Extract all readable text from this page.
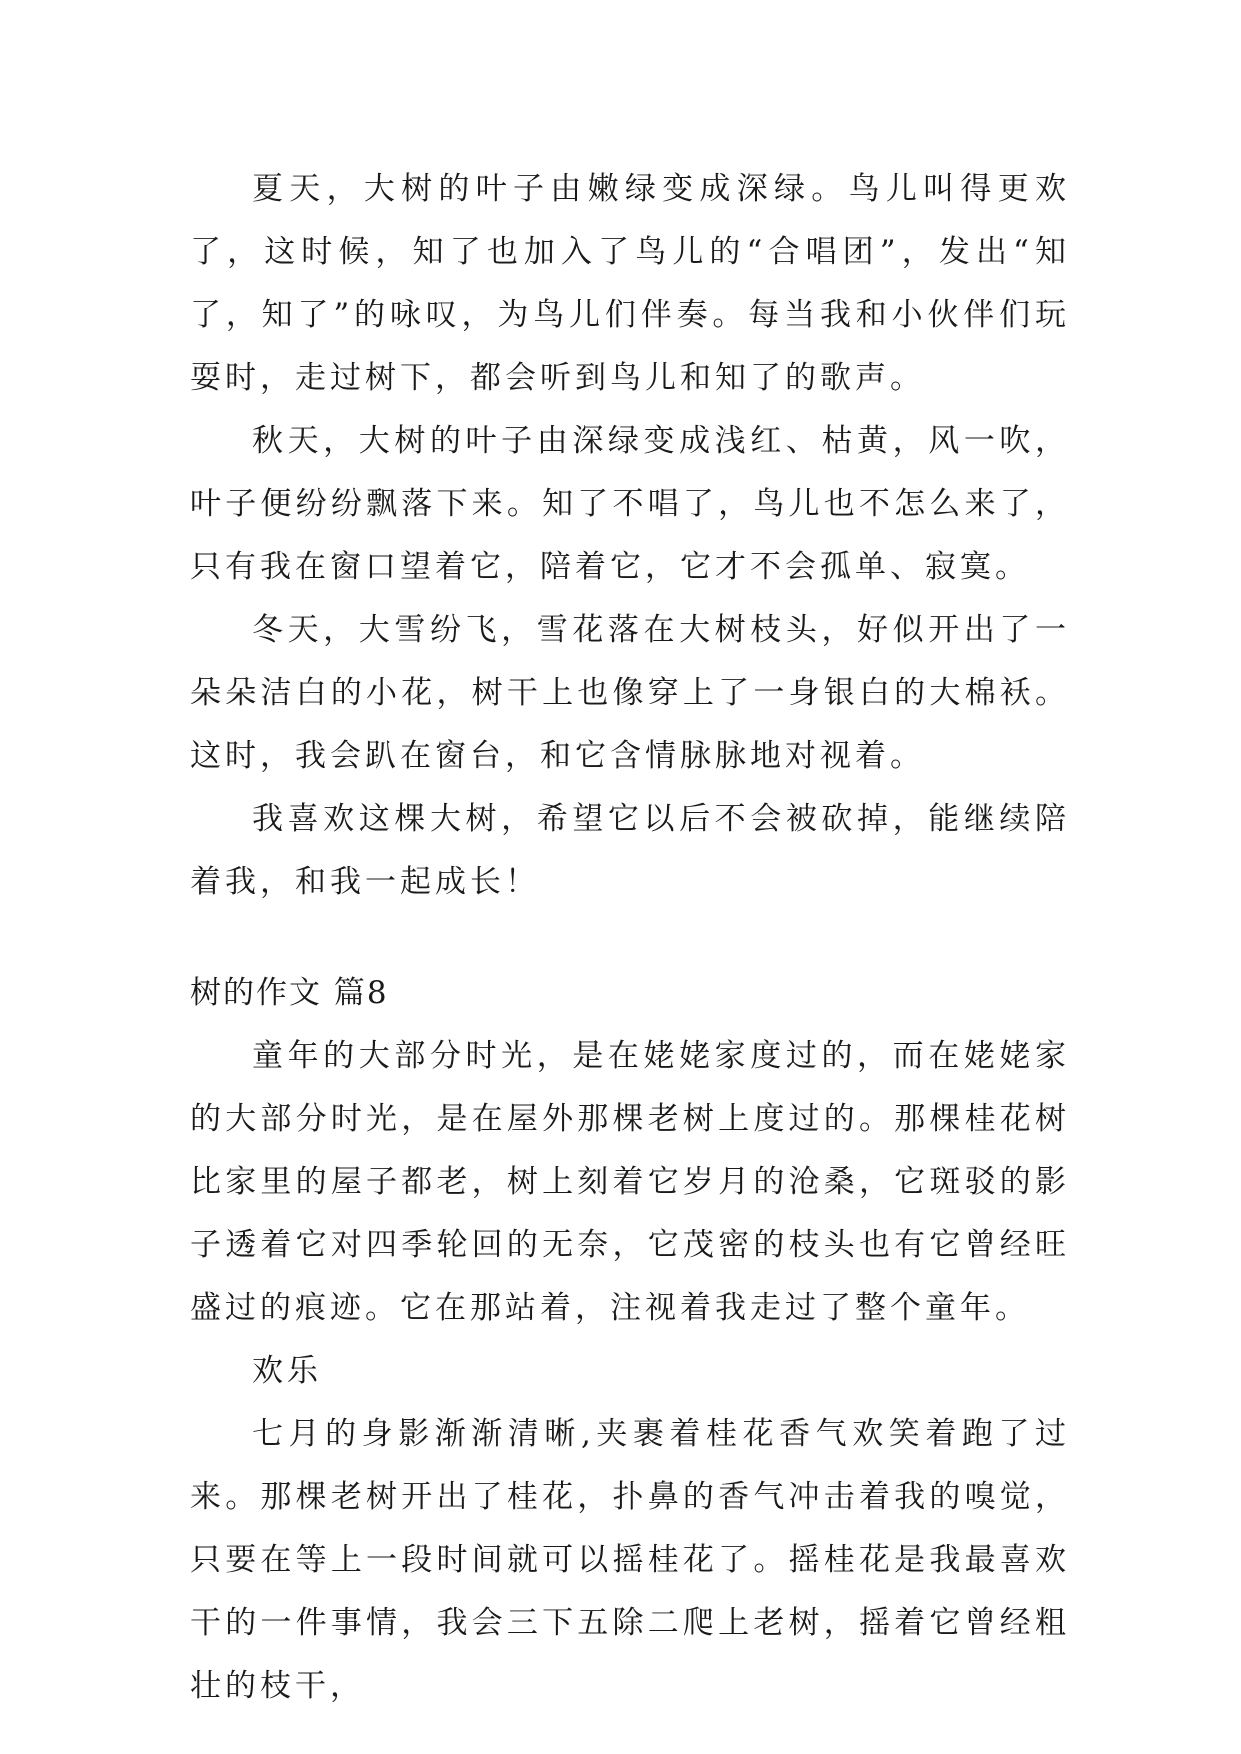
夏天，大树的叶子由嫩绿变成深绿。鸟儿叫得更欢了，这时候，知了也加入了鸟儿的“合唱团”，发出“知了，知了”的咏叹，为鸟儿们伴奏。每当我和小伙伴们玩耍时，走过树下，都会听到鸟儿和知了的歌声。

秋天，大树的叶子由深绿变成浅红、枯黄，风一吹，叶子便纷纷飘落下来。知了不唱了，鸟儿也不怎么来了，只有我在窗口望着它，陪着它，它才不会孤单、寂寞。

冬天，大雪纷飞，雪花落在大树枝头，好似开出了一朵朵洁白的小花，树干上也像穿上了一身银白的大棉袄。这时，我会趴在窗台，和它含情脉脉地对视着。

我喜欢这棵大树，希望它以后不会被砍掉，能继续陪着我，和我一起成长！

树的作文 篇8

童年的大部分时光，是在姥姥家度过的，而在姥姥家的大部分时光，是在屋外那棵老树上度过的。那棵桂花树比家里的屋子都老，树上刻着它岁月的沧桑，它斑驳的影子透着它对四季轮回的无奈，它茂密的枝头也有它曾经旺盛过的痕迹。它在那站着，注视着我走过了整个童年。

欢乐

七月的身影渐渐清晰,夹裹着桂花香气欢笑着跑了过来。那棵老树开出了桂花，扑鼻的香气冲击着我的嗅觉，只要在等上一段时间就可以摇桂花了。摇桂花是我最喜欢干的一件事情，我会三下五除二爬上老树，摇着它曾经粗壮的枝干，
